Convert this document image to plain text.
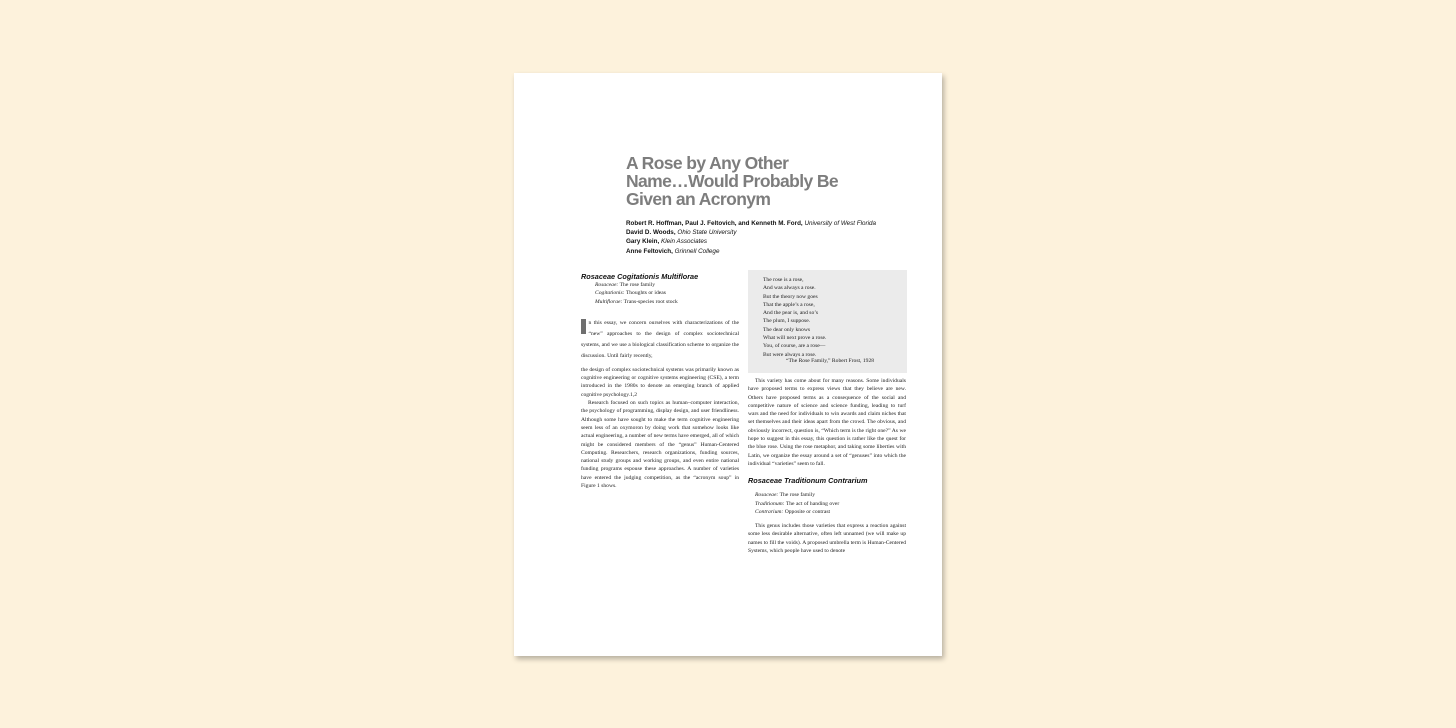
A Rose by Any Other
Name…Would Probably Be
Given an Acronym
Robert R. Hoffman, Paul J. Feltovich, and Kenneth M. Ford, University of West Florida
David D. Woods, Ohio State University
Gary Klein, Klein Associates
Anne Feltovich, Grinnell College
Rosaceae Cogitationis Multiflorae
Rosaceae: The rose family
Cogitationis: Thoughts or ideas
Multiflorae: Trans-species root stock

n this essay, we concern ourselves with characterizations of the “new” approaches to the design of complex sociotechnical systems, and we use a biological classification scheme to organize the discussion. Until fairly recently,

the design of complex sociotechnical systems was primarily known as cognitive engineering or cognitive systems engineering (CSE), a term introduced in the 1980s to denote an emerging branch of applied cognitive psychology.1,2

Research focused on such topics as human–computer interaction, the psychology of programming, display design, and user friendliness. Although some have sought to make the term cognitive engineering seem less of an oxymoron by doing work that somehow looks like actual engineering, a number of new terms have emerged, all of which might be considered members of the “genus” Human-Centered Computing. Researchers, research organizations, funding sources, national study groups and working groups, and even entire national funding programs espouse these approaches. A number of varieties have entered the judging competition, as the “acronym soup” in Figure 1 shows.

The rose is a rose,
And was always a rose.
But the theory now goes
That the apple’s a rose,
And the pear is, and so’s
The plum, I suppose.
The dear only knows
What will next prove a rose.
You, of course, are a rose—
But were always a rose.
“The Rose Family,” Robert Frost, 1928

This variety has come about for many reasons. Some individuals have proposed terms to express views that they believe are new. Others have proposed terms as a consequence of the social and competitive nature of science and science funding, leading to turf wars and the need for individuals to win awards and claim niches that set themselves and their ideas apart from the crowd. The obvious, and obviously incorrect, question is, “Which term is the right one?” As we hope to suggest in this essay, this question is rather like the quest for the blue rose. Using the rose metaphor, and taking some liberties with Latin, we organize the essay around a set of “genuses” into which the individual “varieties” seem to fall.

Rosaceae Traditionum Contrarium
Rosaceae: The rose family
Traditionum: The act of handing over
Contrarium: Opposite or contrast

This genus includes those varieties that express a reaction against some less desirable alternative, often left unnamed (we will make up names to fill the voids). A proposed umbrella term is Human-Centered Systems, which people have used to denote
